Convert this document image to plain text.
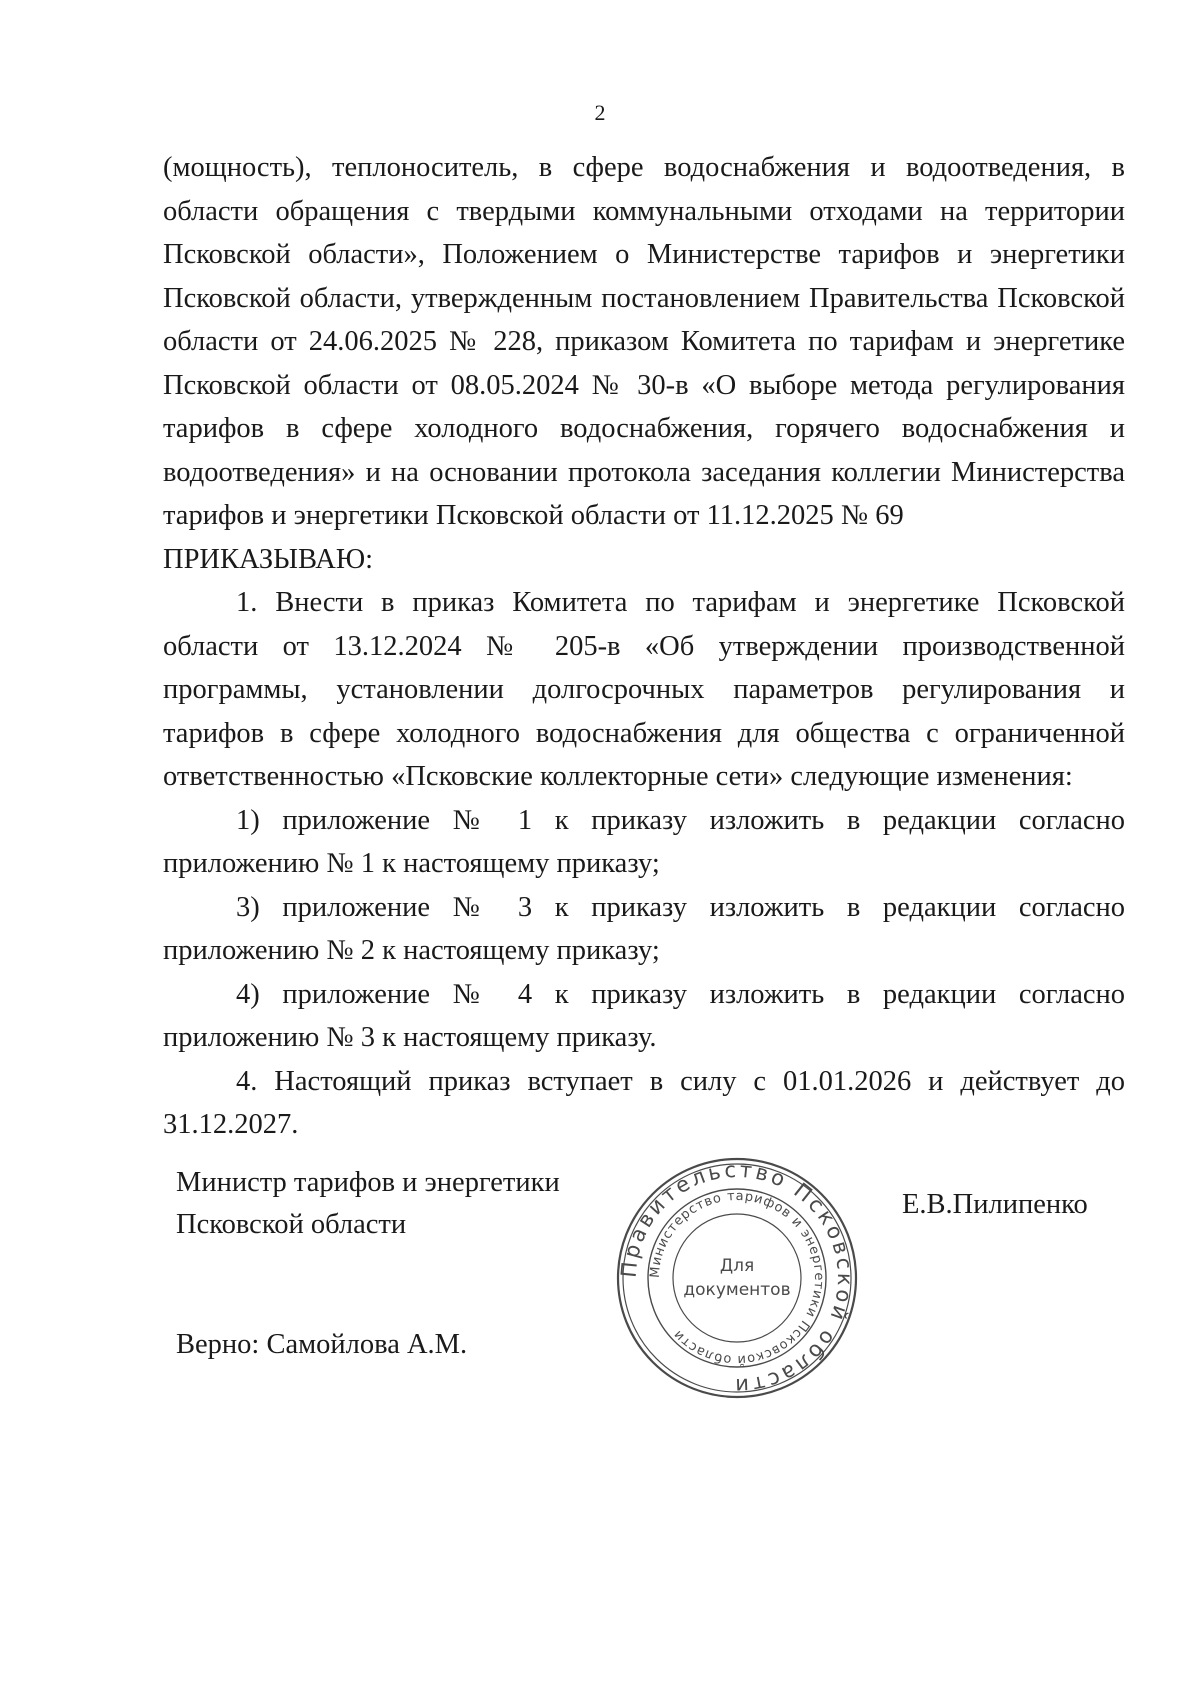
2

(мощность), теплоноситель, в сфере водоснабжения и водоотведения, в области обращения с твердыми коммунальными отходами на территории Псковской области», Положением о Министерстве тарифов и энергетики Псковской области, утвержденным постановлением Правительства Псковской области от 24.06.2025 № 228, приказом Комитета по тарифам и энергетике Псковской области от 08.05.2024 № 30-в «О выборе метода регулирования тарифов в сфере холодного водоснабжения, горячего водоснабжения и водоотведения» и на основании протокола заседания коллегии Министерства тарифов и энергетики Псковской области от 11.12.2025 № 69

ПРИКАЗЫВАЮ:

1. Внести в приказ Комитета по тарифам и энергетике Псковской области от 13.12.2024 № 205-в «Об утверждении производственной программы, установлении долгосрочных параметров регулирования и тарифов в сфере холодного водоснабжения для общества с ограниченной ответственностью «Псковские коллекторные сети» следующие изменения:

1) приложение № 1 к приказу изложить в редакции согласно приложению № 1 к настоящему приказу;

3) приложение № 3 к приказу изложить в редакции согласно приложению № 2 к настоящему приказу;

4) приложение № 4 к приказу изложить в редакции согласно приложению № 3 к настоящему приказу.

4. Настоящий приказ вступает в силу с 01.01.2026 и действует до 31.12.2027.

Министр тарифов и энергетики
Псковской области
Правительство Псковской области
Министерство тарифов и энергетики Псковской области
Для
документов
Е.В.Пилипенко
Верно: Самойлова А.М.
